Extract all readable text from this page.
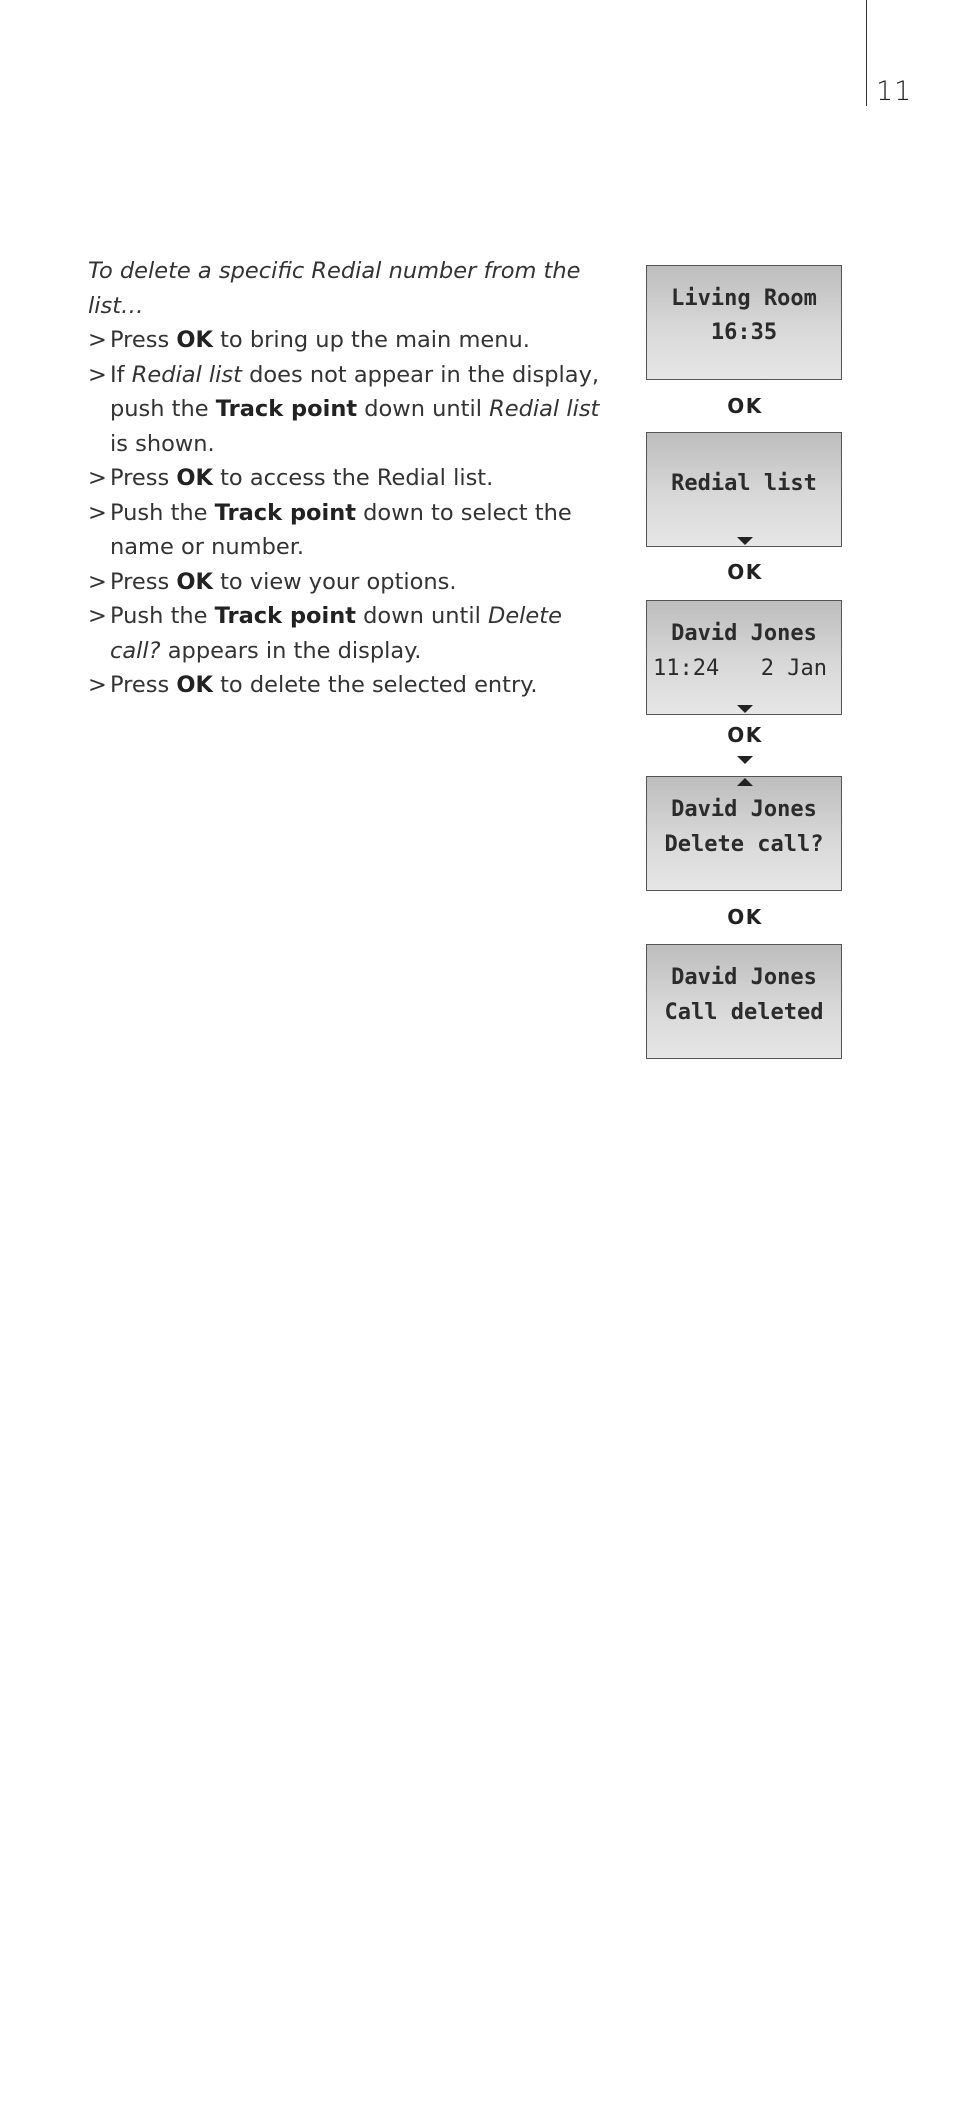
11

To delete a specific Redial number from the list…

> Press OK to bring up the main menu.
> If Redial list does not appear in the display, push the Track point down until Redial list is shown.
> Press OK to access the Redial list.
> Push the Track point down to select the name or number.
> Press OK to view your options.
> Push the Track point down until Delete call? appears in the display.
> Press OK to delete the selected entry.
Living Room
16:35
OK
Redial list
OK
David Jones
11:24 2 Jan
OK
David Jones
Delete call?
OK
David Jones
Call deleted
